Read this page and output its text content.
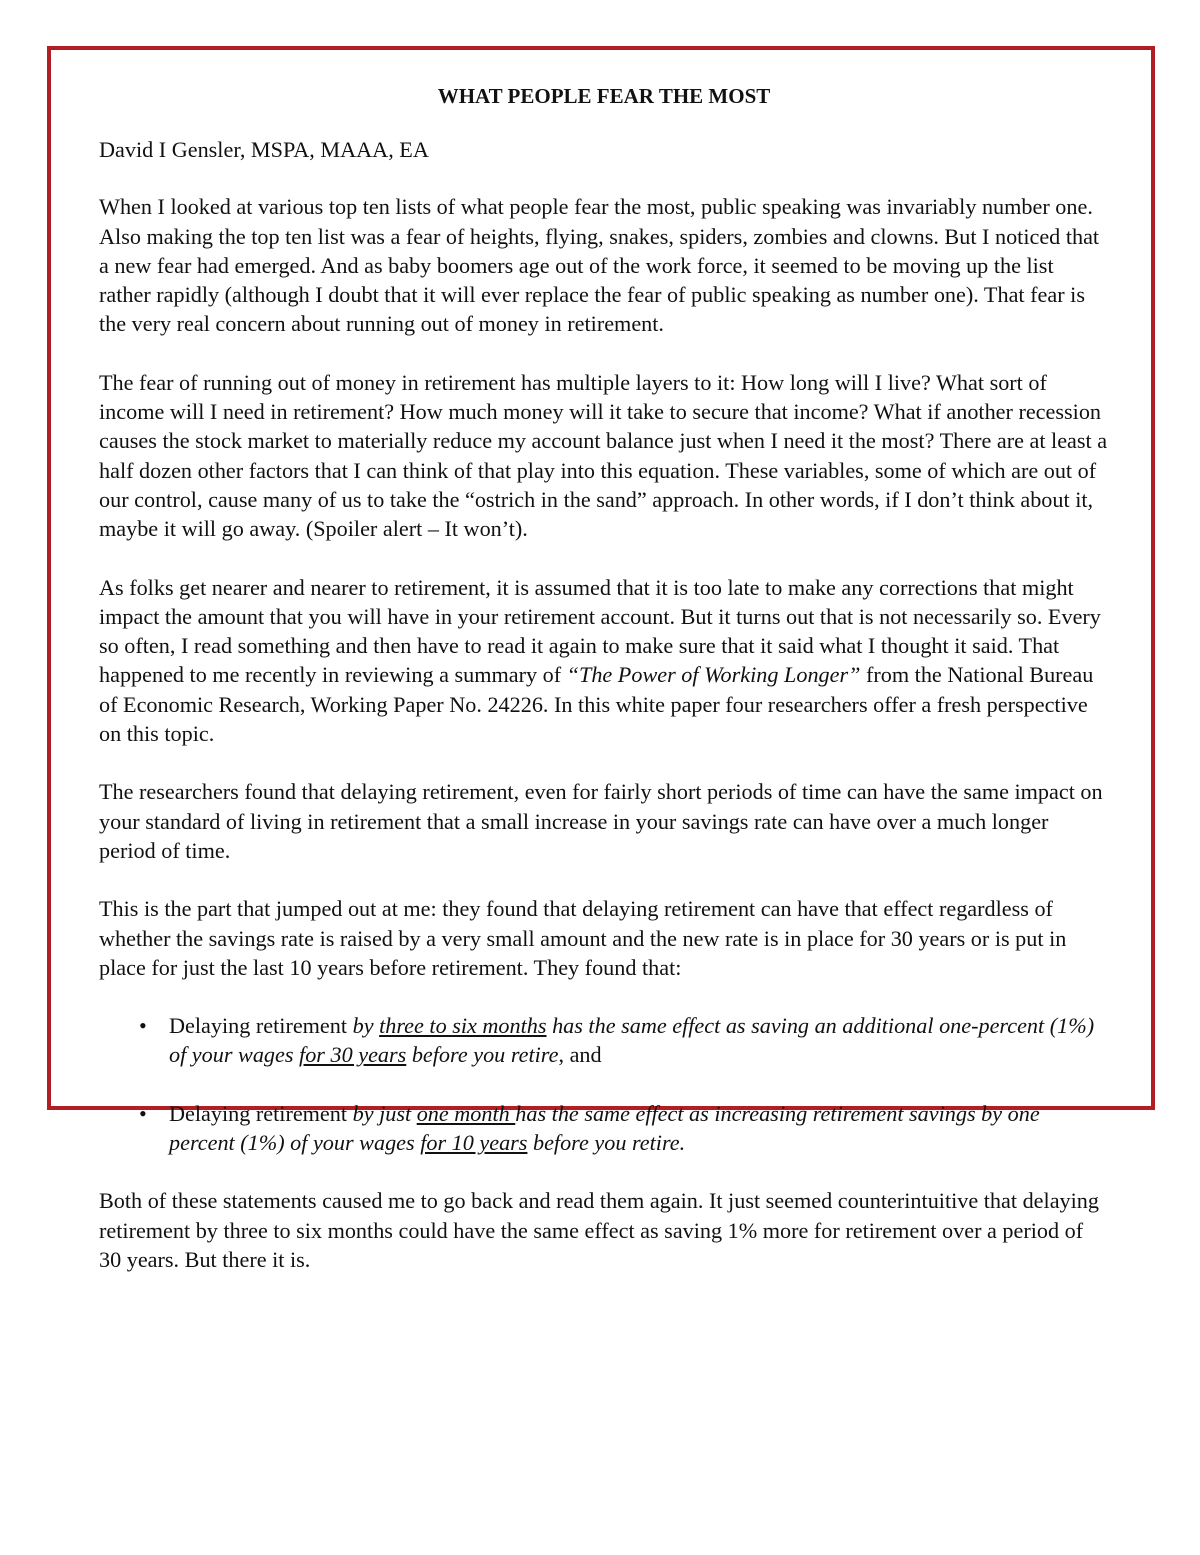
WHAT PEOPLE FEAR THE MOST
David I Gensler, MSPA, MAAA, EA

When I looked at various top ten lists of what people fear the most, public speaking was invariably number one. Also making the top ten list was a fear of heights, flying, snakes, spiders, zombies and clowns. But I noticed that a new fear had emerged. And as baby boomers age out of the work force, it seemed to be moving up the list rather rapidly (although I doubt that it will ever replace the fear of public speaking as number one). That fear is the very real concern about running out of money in retirement.

The fear of running out of money in retirement has multiple layers to it: How long will I live? What sort of income will I need in retirement? How much money will it take to secure that income? What if another recession causes the stock market to materially reduce my account balance just when I need it the most? There are at least a half dozen other factors that I can think of that play into this equation. These variables, some of which are out of our control, cause many of us to take the “ostrich in the sand” approach. In other words, if I don’t think about it, maybe it will go away. (Spoiler alert – It won’t).

As folks get nearer and nearer to retirement, it is assumed that it is too late to make any corrections that might impact the amount that you will have in your retirement account. But it turns out that is not necessarily so. Every so often, I read something and then have to read it again to make sure that it said what I thought it said. That happened to me recently in reviewing a summary of “The Power of Working Longer” from the National Bureau of Economic Research, Working Paper No. 24226. In this white paper four researchers offer a fresh perspective on this topic.

The researchers found that delaying retirement, even for fairly short periods of time can have the same impact on your standard of living in retirement that a small increase in your savings rate can have over a much longer period of time.

This is the part that jumped out at me: they found that delaying retirement can have that effect regardless of whether the savings rate is raised by a very small amount and the new rate is in place for 30 years or is put in place for just the last 10 years before retirement. They found that:

• Delaying retirement by three to six months has the same effect as saving an additional one-percent (1%) of your wages for 30 years before you retire, and
• Delaying retirement by just one month has the same effect as increasing retirement savings by one percent (1%) of your wages for 10 years before you retire.

Both of these statements caused me to go back and read them again. It just seemed counterintuitive that delaying retirement by three to six months could have the same effect as saving 1% more for retirement over a period of 30 years. But there it is.
